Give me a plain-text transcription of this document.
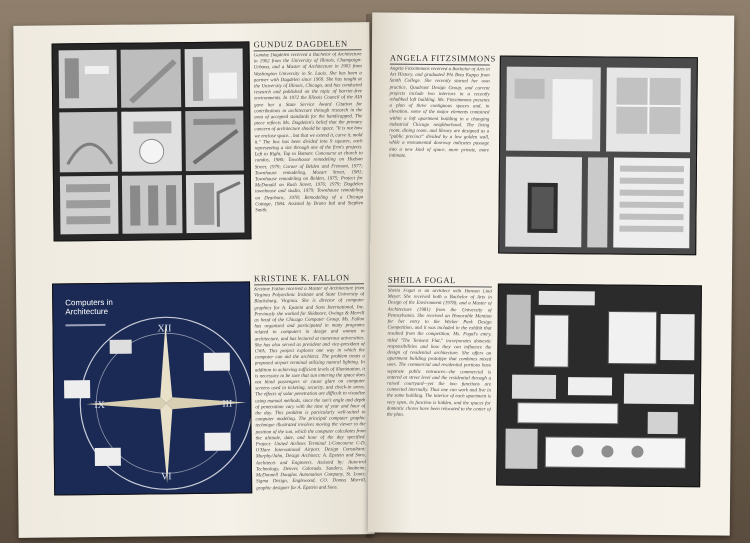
GUNDUZ DAGDELEN
Gunduz Dagdelen received a Bachelor of Architecture in 1962 from the University of Illinois, Champaign-Urbana, and a Master of Architecture in 1963 from Washington University in St. Louis. She has been a partner with Dagdelen since 1969. She has taught at the University of Illinois, Chicago, and has conducted research and published on the topic of barrier-free environments. In 1972 the Illinois Council of the AIA gave her a State Service Award Citation for contributions to architecture through research in the area of accepted standards for the handicapped. The piece reflects Ms. Dagdelen's belief that the primary concern of architecture should be space. "It is not how we enclose space... but that we extend it, carve it, mold it." The box has been divided into 9 squares, each representing a site through one of the firm's projects. Left to Right, Top to Bottom: Concourse at church to condos, 1980; Townhouse remodeling on Hudson Street, 1979; Corner of Belden and Fremont, 1977; Townhouse remodeling, Mozart Street, 1981; Townhouse remodeling on Belden, 1975; Project for McDonald on Rush Street, 1976; 1979; Dagdelen townhouse and studio, 1979; Townhouse remodeling on Dearborn, 1978; Remodeling of a Chicago Cottage, 1984. Assisted by Bruno Ital and Stephen Smith.
Computers in Architecture
XII
III
VI
IX
KRISTINE K. FALLON
Kristine Fallon received a Master of Architecture from Virginia Polytechnic Institute and State University of Blacksburg, Virginia. She is director of computer graphics for A. Epstein and Sons International, Inc. Previously she worked for Skidmore, Owings & Merrill as head of the Chicago Computer Group. Ms. Fallon has organized and participated in many programs related to computers in design and women in architecture, and has lectured at numerous universities. She has also served as president and vice-president of CWA. This project explores one way in which the computer can aid the architect. The problem treats a proposed airport terminal utilizing natural lighting. In addition to achieving sufficient levels of illumination, it is necessary to be sure that sun entering the space does not blind passengers or cause glare on computer screens used in ticketing, security, and check-in areas. The effects of solar penetration are difficult to visualize using manual methods, since the sun's angle and depth of penetration vary with the time of year and hour of the day. This problem is particularly well-suited to computer modeling. The principal computer graphic technique illustrated involves moving the viewer to the position of the sun, which the computer calculates from the altitude, date, and hour of the day specified. Project: United Airlines Terminal 1/Concourse C-D, O'Hare International Airport. Design Consultant: Murphy/Jahn, Design Architect; A. Epstein and Sons, Architects and Engineers. Assisted by: Auto-trol Technology, Denver, Colorado. Sanders, Anaheim; McDonnell Douglas Automation Company, St. Louis; Sigma Design, Englewood, CO. Donna Morrill, graphic designer for A. Epstein and Sons.
ANGELA FITZSIMMONS
Angela Fitzsimmons received a Bachelor of Arts in Art History, and graduated Phi Beta Kappa from Smith College. She recently started her own practice, Quadrant Design Group, and current projects include two interiors in a recently rehabbed loft building. Ms. Fitzsimmons presents a plan of three contiguous spaces and, in elevation, some of the major elements contained within a loft apartment building in a changing industrial Chicago neighborhood. The living room, dining room, and library are designed as a "public precinct" divided by a low golden wall, while a monumental doorway indicates passage into a new kind of space, more private, more intimate.
SHEILA FOGAL
Sheila Fogal is an architect with Hanson Lind Meyer. She received both a Bachelor of Arts in Design of the Environment (1978), and a Master of Architecture (1981) from the University of Pennsylvania. She received an Honorable Mention for her entry to the Wicker Park Design Competition, and it was included in the exhibit that resulted from the competition. Ms. Fogal's entry, titled "The Tenisest Flat," incorporates domestic responsibilities and how they can influence the design of residential architecture. She offers an apartment building prototype that combines mixed uses. The commercial and residential portions have separate public entrances—the commercial is entered at street level and the residential through a raised courtyard—yet the two functions are connected internally. Thus one can work and live in the same building. The interior of each apartment is very open, its function is hidden, and the spaces for domestic chores have been relocated to the center of the plan.
